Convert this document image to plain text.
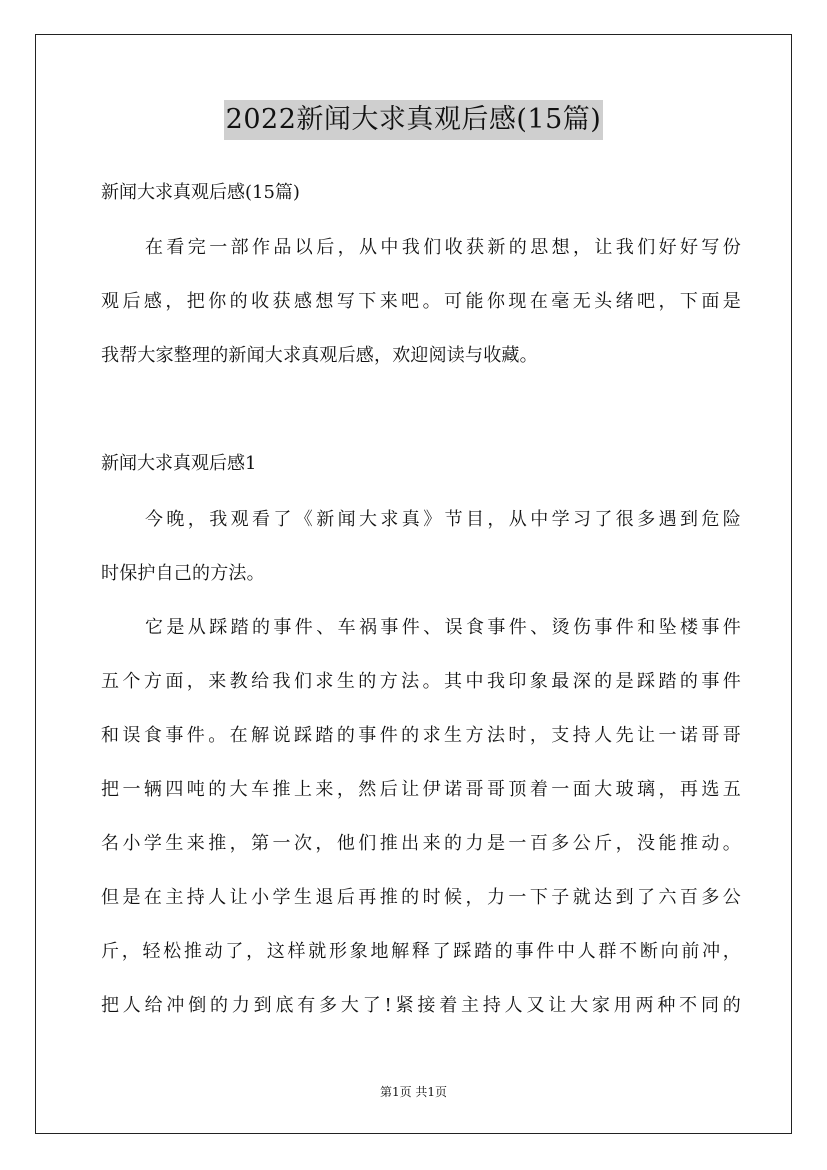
2022新闻大求真观后感(15篇)
新闻大求真观后感(15篇)
在看完一部作品以后，从中我们收获新的思想，让我们好好写份
观后感，把你的收获感想写下来吧。可能你现在毫无头绪吧，下面是
我帮大家整理的新闻大求真观后感，欢迎阅读与收藏。
新闻大求真观后感1
今晚，我观看了《新闻大求真》节目，从中学习了很多遇到危险
时保护自己的方法。
它是从踩踏的事件、车祸事件、误食事件、烫伤事件和坠楼事件
五个方面，来教给我们求生的方法。其中我印象最深的是踩踏的事件
和误食事件。在解说踩踏的事件的求生方法时，支持人先让一诺哥哥
把一辆四吨的大车推上来，然后让伊诺哥哥顶着一面大玻璃，再选五
名小学生来推，第一次，他们推出来的力是一百多公斤，没能推动。
但是在主持人让小学生退后再推的时候，力一下子就达到了六百多公
斤，轻松推动了，这样就形象地解释了踩踏的事件中人群不断向前冲，
把人给冲倒的力到底有多大了!紧接着主持人又让大家用两种不同的
第1页 共1页
